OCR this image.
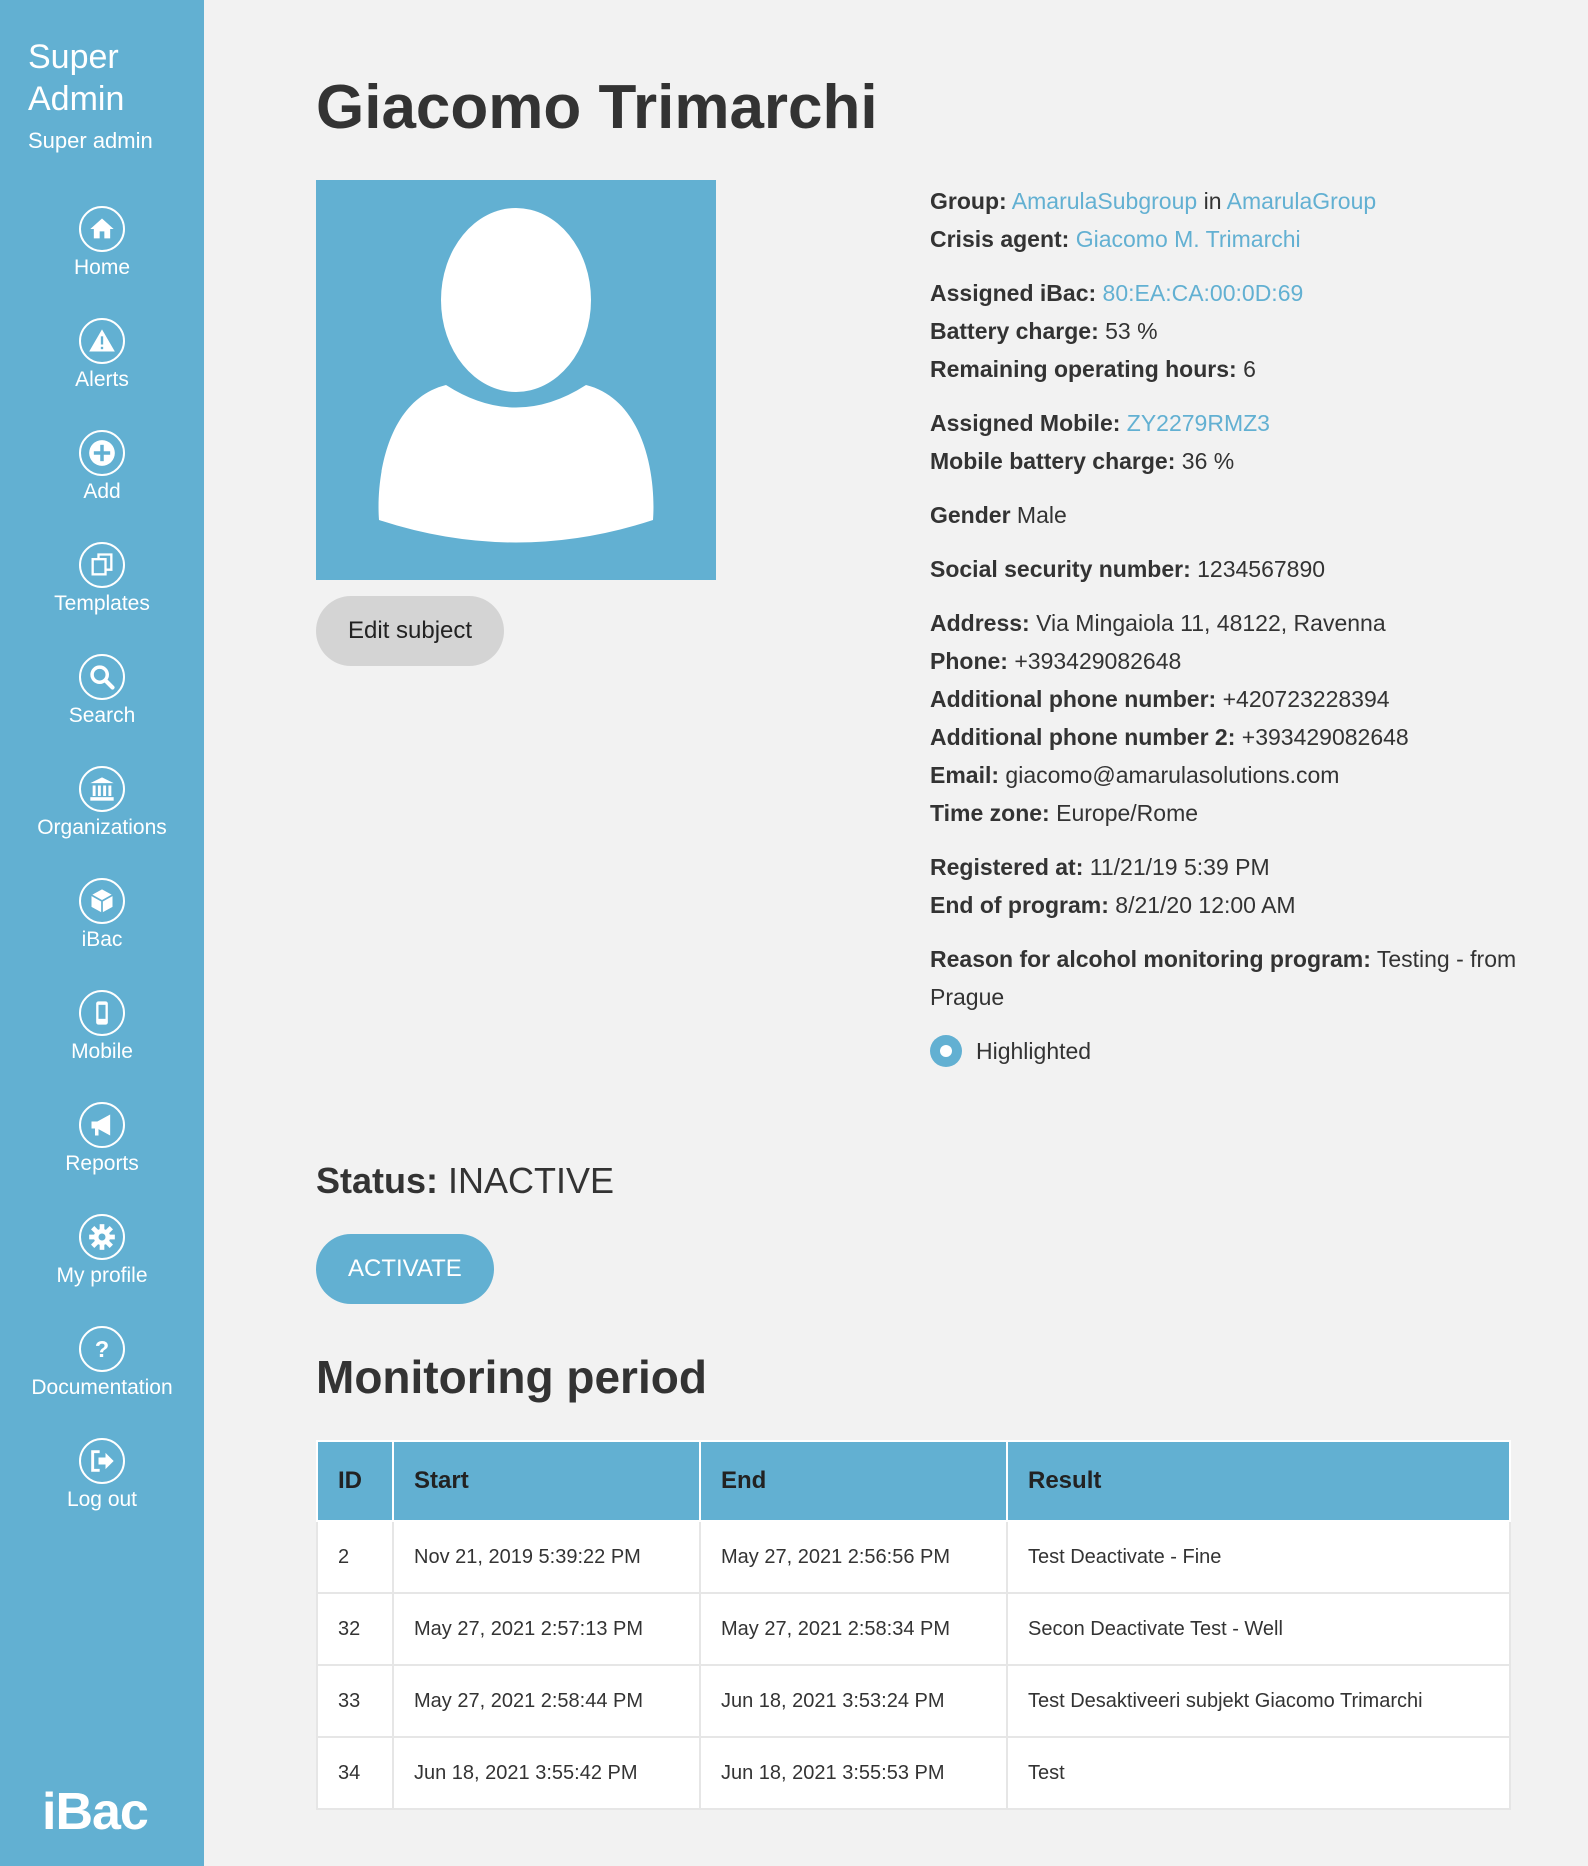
Super Admin
Super admin
Home
Alerts
Add
Templates
Search
Organizations
iBac
Mobile
Reports
My profile
?
Documentation
Log out
iBac
Giacomo Trimarchi
Edit subject
Group: AmarulaSubgroup in AmarulaGroup
Crisis agent: Giacomo M. Trimarchi
Assigned iBac: 80:EA:CA:00:0D:69
Battery charge: 53 %
Remaining operating hours: 6
Assigned Mobile: ZY2279RMZ3
Mobile battery charge: 36 %
Gender Male
Social security number: 1234567890
Address: Via Mingaiola 11, 48122, Ravenna
Phone: +393429082648
Additional phone number: +420723228394
Additional phone number 2: +393429082648
Email: giacomo@amarulasolutions.com
Time zone: Europe/Rome
Registered at: 11/21/19 5:39 PM
End of program: 8/21/20 12:00 AM
Reason for alcohol monitoring program: Testing - from Prague
Highlighted
Status: INACTIVE
ACTIVATE
Monitoring period
ID	Start	End	Result
2	Nov 21, 2019 5:39:22 PM	May 27, 2021 2:56:56 PM	Test Deactivate - Fine
32	May 27, 2021 2:57:13 PM	May 27, 2021 2:58:34 PM	Secon Deactivate Test - Well
33	May 27, 2021 2:58:44 PM	Jun 18, 2021 3:53:24 PM	Test Desaktiveeri subjekt Giacomo Trimarchi
34	Jun 18, 2021 3:55:42 PM	Jun 18, 2021 3:55:53 PM	Test
